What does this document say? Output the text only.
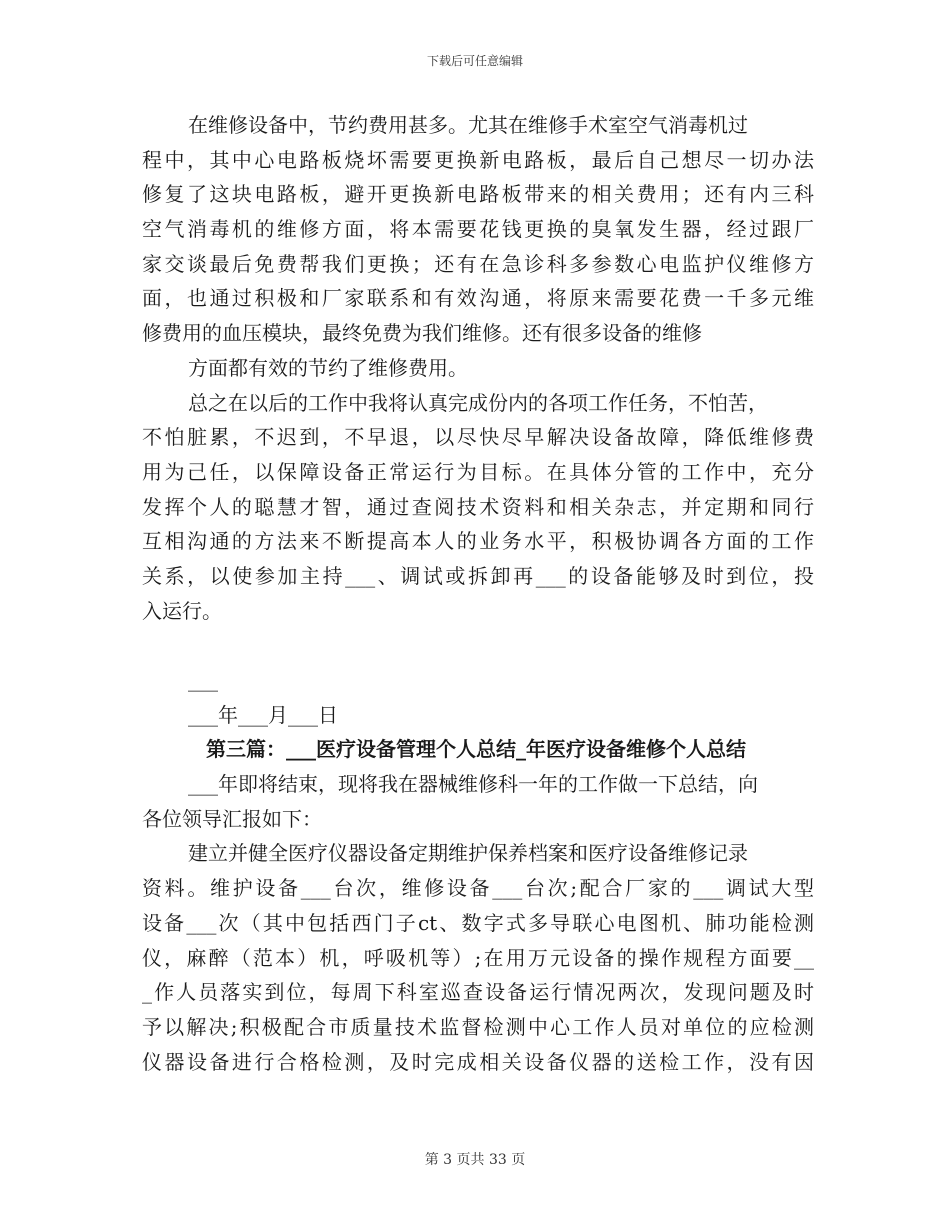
下载后可任意编辑
在维修设备中，节约费用甚多。尤其在维修手术室空气消毒机过
程中，其中心电路板烧坏需要更换新电路板，最后自己想尽一切办法
修复了这块电路板，避开更换新电路板带来的相关费用；还有内三科
空气消毒机的维修方面，将本需要花钱更换的臭氧发生器，经过跟厂
家交谈最后免费帮我们更换；还有在急诊科多参数心电监护仪维修方
面，也通过积极和厂家联系和有效沟通，将原来需要花费一千多元维
修费用的血压模块，最终免费为我们维修。还有很多设备的维修
方面都有效的节约了维修费用。
总之在以后的工作中我将认真完成份内的各项工作任务，不怕苦，
不怕脏累，不迟到，不早退，以尽快尽早解决设备故障，降低维修费
用为己任，以保障设备正常运行为目标。在具体分管的工作中，充分
发挥个人的聪慧才智，通过查阅技术资料和相关杂志，并定期和同行
互相沟通的方法来不断提高本人的业务水平，积极协调各方面的工作
关系，以使参加主持___、调试或拆卸再___的设备能够及时到位，投
入运行。
___
___年___月___日
第三篇：___医疗设备管理个人总结_年医疗设备维修个人总结
___年即将结束，现将我在器械维修科一年的工作做一下总结，向
各位领导汇报如下：
建立并健全医疗仪器设备定期维护保养档案和医疗设备维修记录
资料。维护设备___台次，维修设备___台次;配合厂家的___调试大型
设备___次（其中包括西门子ct、数字式多导联心电图机、肺功能检测
仪，麻醉（范本）机，呼吸机等）;在用万元设备的操作规程方面要__
_作人员落实到位，每周下科室巡查设备运行情况两次，发现问题及时
予以解决;积极配合市质量技术监督检测中心工作人员对单位的应检测
仪器设备进行合格检测，及时完成相关设备仪器的送检工作，没有因
第 3 页共 33 页
